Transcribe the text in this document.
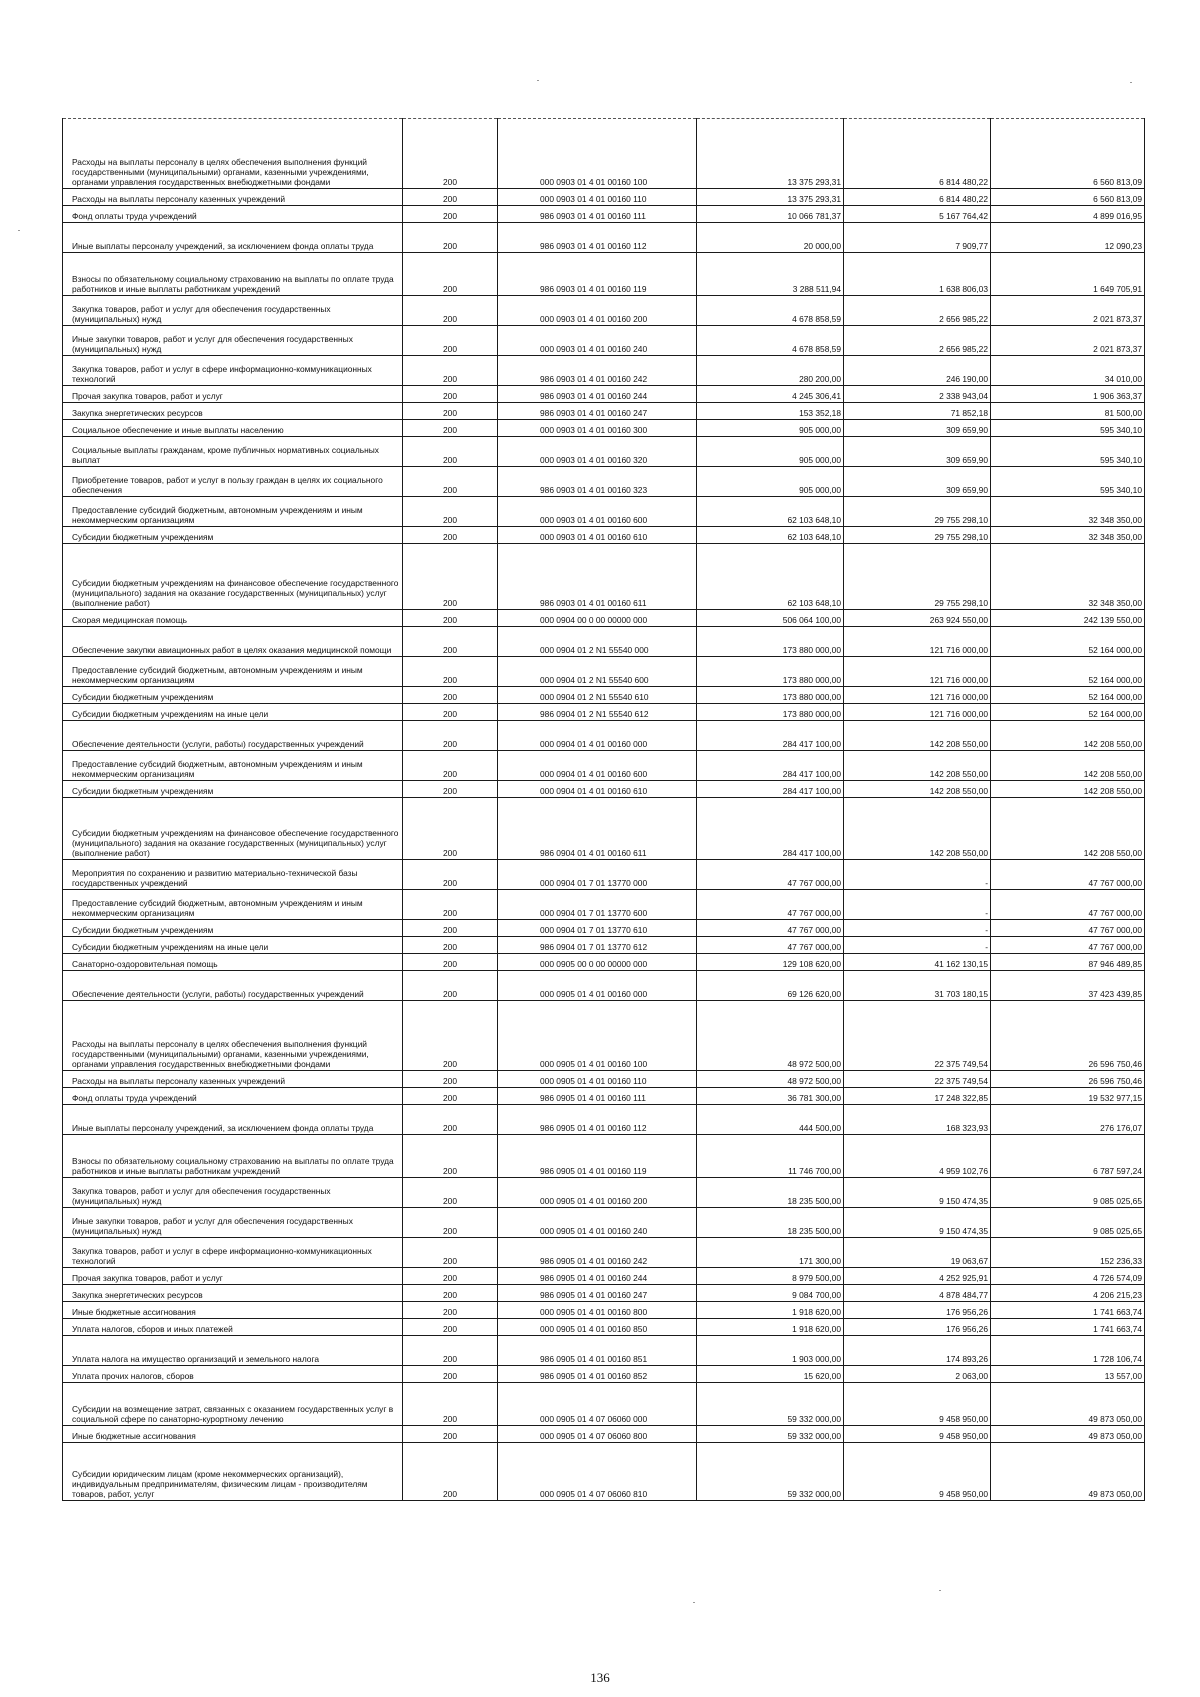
Расходы на выплаты персоналу в целях обеспечения выполнения функций государственными (муниципальными) органами, казенными учреждениями, органами управления государственных внебюджетными фондами	200	000 0903 01 4 01 00160 100	13 375 293,31	6 814 480,22	6 560 813,09
Расходы на выплаты персоналу казенных учреждений	200	000 0903 01 4 01 00160 110	13 375 293,31	6 814 480,22	6 560 813,09
Фонд оплаты труда учреждений	200	986 0903 01 4 01 00160 111	10 066 781,37	5 167 764,42	4 899 016,95
Иные выплаты персоналу учреждений, за исключением фонда оплаты труда	200	986 0903 01 4 01 00160 112	20 000,00	7 909,77	12 090,23
Взносы по обязательному социальному страхованию на выплаты по оплате труда работников и иные выплаты работникам учреждений	200	986 0903 01 4 01 00160 119	3 288 511,94	1 638 806,03	1 649 705,91
Закупка товаров, работ и услуг для обеспечения государственных (муниципальных) нужд	200	000 0903 01 4 01 00160 200	4 678 858,59	2 656 985,22	2 021 873,37
Иные закупки товаров, работ и услуг для обеспечения государственных (муниципальных) нужд	200	000 0903 01 4 01 00160 240	4 678 858,59	2 656 985,22	2 021 873,37
Закупка товаров, работ и услуг в сфере информационно-коммуникационных технологий	200	986 0903 01 4 01 00160 242	280 200,00	246 190,00	34 010,00
Прочая закупка товаров, работ и услуг	200	986 0903 01 4 01 00160 244	4 245 306,41	2 338 943,04	1 906 363,37
Закупка энергетических ресурсов	200	986 0903 01 4 01 00160 247	153 352,18	71 852,18	81 500,00
Социальное обеспечение и иные выплаты населению	200	000 0903 01 4 01 00160 300	905 000,00	309 659,90	595 340,10
Социальные выплаты гражданам, кроме публичных нормативных социальных выплат	200	000 0903 01 4 01 00160 320	905 000,00	309 659,90	595 340,10
Приобретение товаров, работ и услуг в пользу граждан в целях их социального обеспечения	200	986 0903 01 4 01 00160 323	905 000,00	309 659,90	595 340,10
Предоставление субсидий бюджетным, автономным учреждениям и иным некоммерческим организациям	200	000 0903 01 4 01 00160 600	62 103 648,10	29 755 298,10	32 348 350,00
Субсидии бюджетным учреждениям	200	000 0903 01 4 01 00160 610	62 103 648,10	29 755 298,10	32 348 350,00
Субсидии бюджетным учреждениям на финансовое обеспечение государственного (муниципального) задания на оказание государственных (муниципальных) услуг (выполнение работ)	200	986 0903 01 4 01 00160 611	62 103 648,10	29 755 298,10	32 348 350,00
Скорая медицинская помощь	200	000 0904 00 0 00 00000 000	506 064 100,00	263 924 550,00	242 139 550,00
Обеспечение закупки авиационных работ в целях оказания медицинской помощи	200	000 0904 01 2 N1 55540 000	173 880 000,00	121 716 000,00	52 164 000,00
Предоставление субсидий бюджетным, автономным учреждениям и иным некоммерческим организациям	200	000 0904 01 2 N1 55540 600	173 880 000,00	121 716 000,00	52 164 000,00
Субсидии бюджетным учреждениям	200	000 0904 01 2 N1 55540 610	173 880 000,00	121 716 000,00	52 164 000,00
Субсидии бюджетным учреждениям на иные цели	200	986 0904 01 2 N1 55540 612	173 880 000,00	121 716 000,00	52 164 000,00
Обеспечение деятельности (услуги, работы) государственных учреждений	200	000 0904 01 4 01 00160 000	284 417 100,00	142 208 550,00	142 208 550,00
Предоставление субсидий бюджетным, автономным учреждениям и иным некоммерческим организациям	200	000 0904 01 4 01 00160 600	284 417 100,00	142 208 550,00	142 208 550,00
Субсидии бюджетным учреждениям	200	000 0904 01 4 01 00160 610	284 417 100,00	142 208 550,00	142 208 550,00
Субсидии бюджетным учреждениям на финансовое обеспечение государственного (муниципального) задания на оказание государственных (муниципальных) услуг (выполнение работ)	200	986 0904 01 4 01 00160 611	284 417 100,00	142 208 550,00	142 208 550,00
Мероприятия по сохранению и развитию материально-технической базы государственных учреждений	200	000 0904 01 7 01 13770 000	47 767 000,00	-	47 767 000,00
Предоставление субсидий бюджетным, автономным учреждениям и иным некоммерческим организациям	200	000 0904 01 7 01 13770 600	47 767 000,00	-	47 767 000,00
Субсидии бюджетным учреждениям	200	000 0904 01 7 01 13770 610	47 767 000,00	-	47 767 000,00
Субсидии бюджетным учреждениям на иные цели	200	986 0904 01 7 01 13770 612	47 767 000,00	-	47 767 000,00
Санаторно-оздоровительная помощь	200	000 0905 00 0 00 00000 000	129 108 620,00	41 162 130,15	87 946 489,85
Обеспечение деятельности (услуги, работы) государственных учреждений	200	000 0905 01 4 01 00160 000	69 126 620,00	31 703 180,15	37 423 439,85
Расходы на выплаты персоналу в целях обеспечения выполнения функций государственными (муниципальными) органами, казенными учреждениями, органами управления государственных внебюджетными фондами	200	000 0905 01 4 01 00160 100	48 972 500,00	22 375 749,54	26 596 750,46
Расходы на выплаты персоналу казенных учреждений	200	000 0905 01 4 01 00160 110	48 972 500,00	22 375 749,54	26 596 750,46
Фонд оплаты труда учреждений	200	986 0905 01 4 01 00160 111	36 781 300,00	17 248 322,85	19 532 977,15
Иные выплаты персоналу учреждений, за исключением фонда оплаты труда	200	986 0905 01 4 01 00160 112	444 500,00	168 323,93	276 176,07
Взносы по обязательному социальному страхованию на выплаты по оплате труда работников и иные выплаты работникам учреждений	200	986 0905 01 4 01 00160 119	11 746 700,00	4 959 102,76	6 787 597,24
Закупка товаров, работ и услуг для обеспечения государственных (муниципальных) нужд	200	000 0905 01 4 01 00160 200	18 235 500,00	9 150 474,35	9 085 025,65
Иные закупки товаров, работ и услуг для обеспечения государственных (муниципальных) нужд	200	000 0905 01 4 01 00160 240	18 235 500,00	9 150 474,35	9 085 025,65
Закупка товаров, работ и услуг в сфере информационно-коммуникационных технологий	200	986 0905 01 4 01 00160 242	171 300,00	19 063,67	152 236,33
Прочая закупка товаров, работ и услуг	200	986 0905 01 4 01 00160 244	8 979 500,00	4 252 925,91	4 726 574,09
Закупка энергетических ресурсов	200	986 0905 01 4 01 00160 247	9 084 700,00	4 878 484,77	4 206 215,23
Иные бюджетные ассигнования	200	000 0905 01 4 01 00160 800	1 918 620,00	176 956,26	1 741 663,74
Уплата налогов, сборов и иных платежей	200	000 0905 01 4 01 00160 850	1 918 620,00	176 956,26	1 741 663,74
Уплата налога на имущество организаций и земельного налога	200	986 0905 01 4 01 00160 851	1 903 000,00	174 893,26	1 728 106,74
Уплата прочих налогов, сборов	200	986 0905 01 4 01 00160 852	15 620,00	2 063,00	13 557,00
Субсидии на возмещение затрат, связанных с оказанием государственных услуг в социальной сфере по санаторно-курортному лечению	200	000 0905 01 4 07 06060 000	59 332 000,00	9 458 950,00	49 873 050,00
Иные бюджетные ассигнования	200	000 0905 01 4 07 06060 800	59 332 000,00	9 458 950,00	49 873 050,00
Субсидии юридическим лицам (кроме некоммерческих организаций), индивидуальным предпринимателям, физическим лицам - производителям товаров, работ, услуг	200	000 0905 01 4 07 06060 810	59 332 000,00	9 458 950,00	49 873 050,00
136
